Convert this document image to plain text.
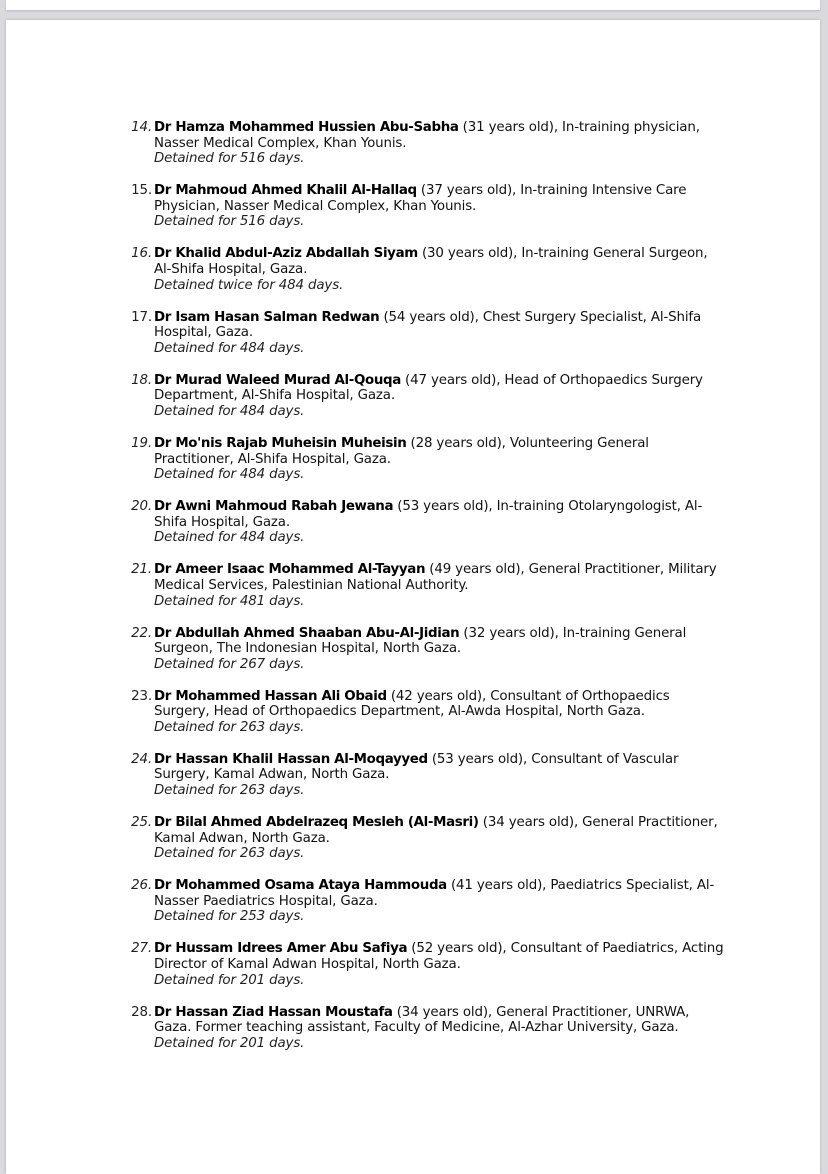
14. Dr Hamza Mohammed Hussien Abu-Sabha (31 years old), In-training physician, Nasser Medical Complex, Khan Younis.
Detained for 516 days.
15. Dr Mahmoud Ahmed Khalil Al-Hallaq (37 years old), In-training Intensive Care Physician, Nasser Medical Complex, Khan Younis.
Detained for 516 days.
16. Dr Khalid Abdul-Aziz Abdallah Siyam (30 years old), In-training General Surgeon, Al-Shifa Hospital, Gaza.
Detained twice for 484 days.
17. Dr Isam Hasan Salman Redwan (54 years old), Chest Surgery Specialist, Al-Shifa Hospital, Gaza.
Detained for 484 days.
18. Dr Murad Waleed Murad Al-Qouqa (47 years old), Head of Orthopaedics Surgery Department, Al-Shifa Hospital, Gaza.
Detained for 484 days.
19. Dr Mo'nis Rajab Muheisin Muheisin (28 years old), Volunteering General Practitioner, Al-Shifa Hospital, Gaza.
Detained for 484 days.
20. Dr Awni Mahmoud Rabah Jewana (53 years old), In-training Otolaryngologist, Al-Shifa Hospital, Gaza.
Detained for 484 days.
21. Dr Ameer Isaac Mohammed Al-Tayyan (49 years old), General Practitioner, Military Medical Services, Palestinian National Authority.
Detained for 481 days.
22. Dr Abdullah Ahmed Shaaban Abu-Al-Jidian (32 years old), In-training General Surgeon, The Indonesian Hospital, North Gaza.
Detained for 267 days.
23. Dr Mohammed Hassan Ali Obaid (42 years old), Consultant of Orthopaedics Surgery, Head of Orthopaedics Department, Al-Awda Hospital, North Gaza.
Detained for 263 days.
24. Dr Hassan Khalil Hassan Al-Moqayyed (53 years old), Consultant of Vascular Surgery, Kamal Adwan, North Gaza.
Detained for 263 days.
25. Dr Bilal Ahmed Abdelrazeq Mesleh (Al-Masri) (34 years old), General Practitioner, Kamal Adwan, North Gaza.
Detained for 263 days.
26. Dr Mohammed Osama Ataya Hammouda (41 years old), Paediatrics Specialist, Al-Nasser Paediatrics Hospital, Gaza.
Detained for 253 days.
27. Dr Hussam Idrees Amer Abu Safiya (52 years old), Consultant of Paediatrics, Acting Director of Kamal Adwan Hospital, North Gaza.
Detained for 201 days.
28. Dr Hassan Ziad Hassan Moustafa (34 years old), General Practitioner, UNRWA, Gaza. Former teaching assistant, Faculty of Medicine, Al-Azhar University, Gaza.
Detained for 201 days.
